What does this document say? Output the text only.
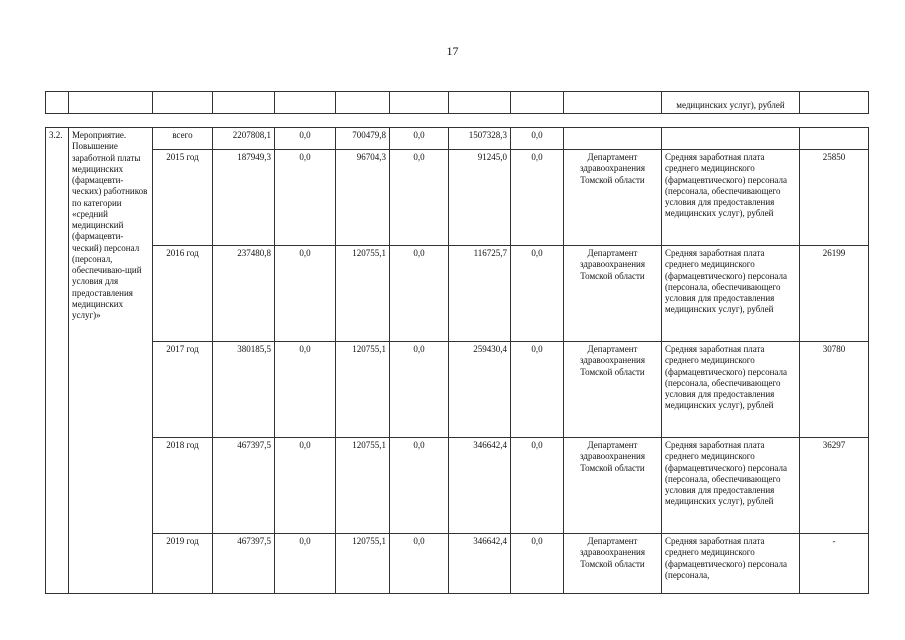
17
										медицинских услуг), рублей	

3.2.	Мероприятие. Повышение заработной платы медицинских (фармацевти-ческих) работников по категории «средний медицинский (фармацевти-ческий) персонал (персонал, обеспечиваю-щий условия для предоставления медицинских услуг)»	всего	2207808,1	0,0	700479,8	0,0	1507328,3	0,0			
		2015 год	187949,3	0,0	96704,3	0,0	91245,0	0,0	Департамент здравоохранения Томской области	Средняя заработная плата среднего медицинского (фармацевтического) персонала (персонала, обеспечивающего условия для предоставления медицинских услуг), рублей	25850
		2016 год	237480,8	0,0	120755,1	0,0	116725,7	0,0	Департамент здравоохранения Томской области	Средняя заработная плата среднего медицинского (фармацевтического) персонала (персонала, обеспечивающего условия для предоставления медицинских услуг), рублей	26199
		2017 год	380185,5	0,0	120755,1	0,0	259430,4	0,0	Департамент здравоохранения Томской области	Средняя заработная плата среднего медицинского (фармацевтического) персонала (персонала, обеспечивающего условия для предоставления медицинских услуг), рублей	30780
		2018 год	467397,5	0,0	120755,1	0,0	346642,4	0,0	Департамент здравоохранения Томской области	Средняя заработная плата среднего медицинского (фармацевтического) персонала (персонала, обеспечивающего условия для предоставления медицинских услуг), рублей	36297
		2019 год	467397,5	0,0	120755,1	0,0	346642,4	0,0	Департамент здравоохранения Томской области	Средняя заработная плата среднего медицинского (фармацевтического) персонала (персонала,	-
